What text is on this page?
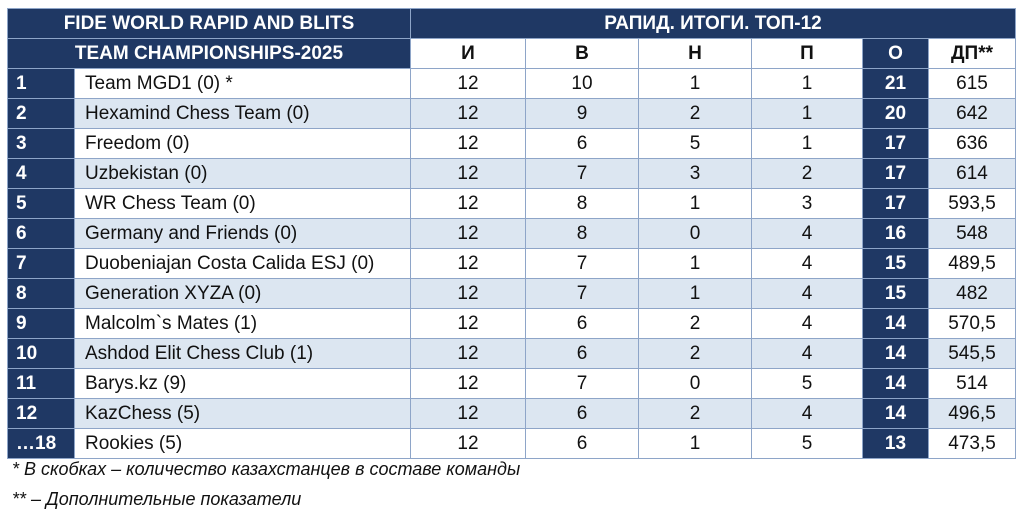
FIDE WORLD RAPID AND BLITS		РАПИД. ИТОГИ. ТОП-12					
TEAM CHAMPIONSHIPS-2025		И	В	Н	П	О	ДП**
1	Team MGD1 (0) *	12	10	1	1	21	615
2	Hexamind Chess Team (0)	12	9	2	1	20	642
3	Freedom (0)	12	6	5	1	17	636
4	Uzbekistan (0)	12	7	3	2	17	614
5	WR Chess Team (0)	12	8	1	3	17	593,5
6	Germany and Friends (0)	12	8	0	4	16	548
7	Duobeniajan Costa Calida ESJ (0)	12	7	1	4	15	489,5
8	Generation XYZA (0)	12	7	1	4	15	482
9	Malcolm`s Mates (1)	12	6	2	4	14	570,5
10	Ashdod Elit Chess Club (1)	12	6	2	4	14	545,5
11	Barys.kz (9)	12	7	0	5	14	514
12	KazChess (5)	12	6	2	4	14	496,5
…18	Rookies (5)	12	6	1	5	13	473,5
* В скобках – количество казахстанцев в составе команды
** – Дополнительные показатели
